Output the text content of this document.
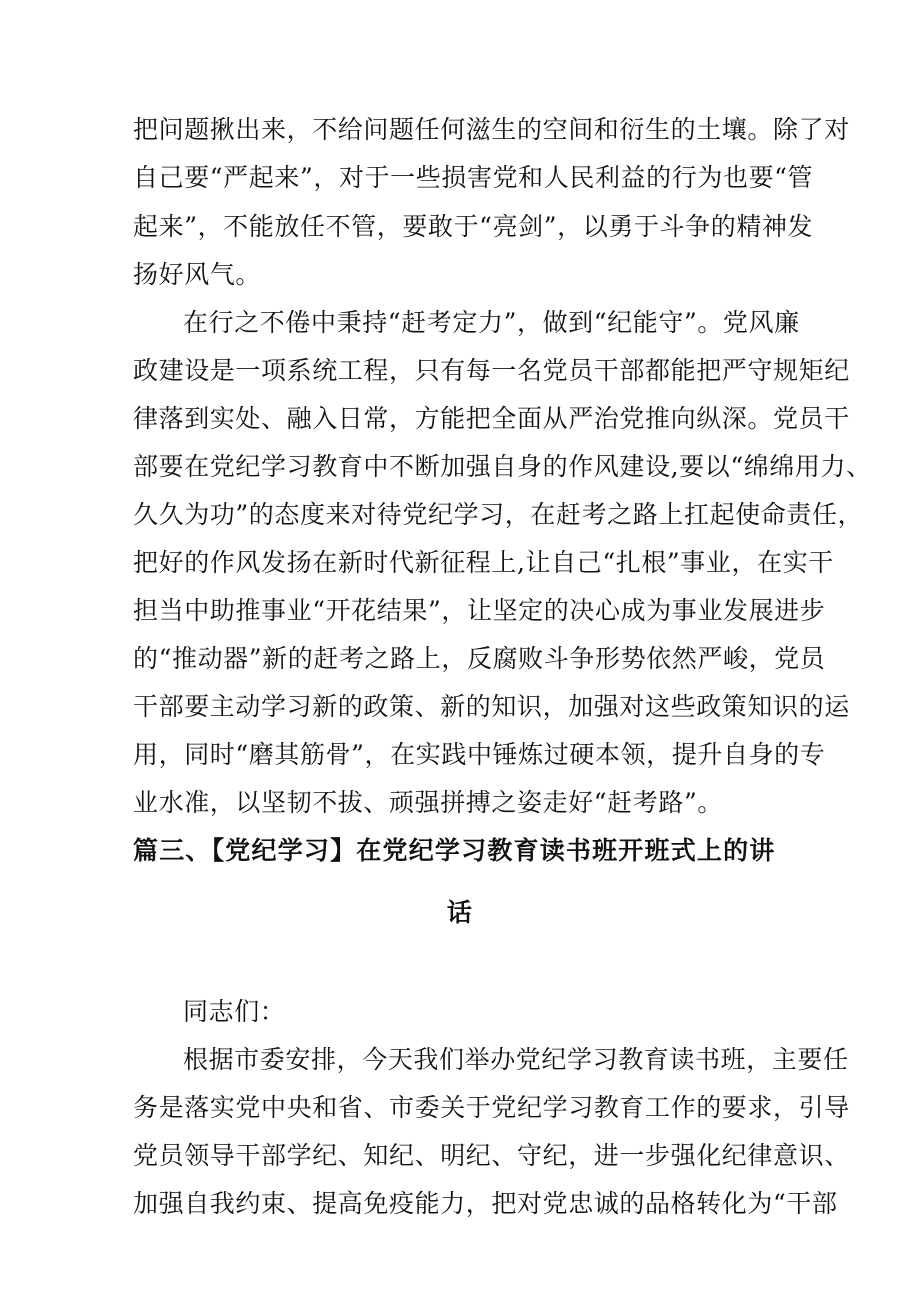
把问题揪出来，不给问题任何滋生的空间和衍生的土壤。除了对
自己要“严起来”，对于一些损害党和人民利益的行为也要“管
起来”，不能放任不管，要敢于“亮剑”，以勇于斗争的精神发
扬好风气。
在行之不倦中秉持“赶考定力”，做到“纪能守”。党风廉
政建设是一项系统工程，只有每一名党员干部都能把严守规矩纪
律落到实处、融入日常，方能把全面从严治党推向纵深。党员干
部要在党纪学习教育中不断加强自身的作风建设,要以“绵绵用力、
久久为功”的态度来对待党纪学习，在赶考之路上扛起使命责任，
把好的作风发扬在新时代新征程上,让自己“扎根”事业，在实干
担当中助推事业“开花结果”，让坚定的决心成为事业发展进步
的“推动器”新的赶考之路上，反腐败斗争形势依然严峻，党员
干部要主动学习新的政策、新的知识，加强对这些政策知识的运
用，同时“磨其筋骨”，在实践中锤炼过硬本领，提升自身的专
业水准，以坚韧不拔、顽强拼搏之姿走好“赶考路”。
篇三、【党纪学习】在党纪学习教育读书班开班式上的讲
话
同志们：
根据市委安排，今天我们举办党纪学习教育读书班，主要任
务是落实党中央和省、市委关于党纪学习教育工作的要求，引导
党员领导干部学纪、知纪、明纪、守纪，进一步强化纪律意识、
加强自我约束、提高免疫能力，把对党忠诚的品格转化为“干部
